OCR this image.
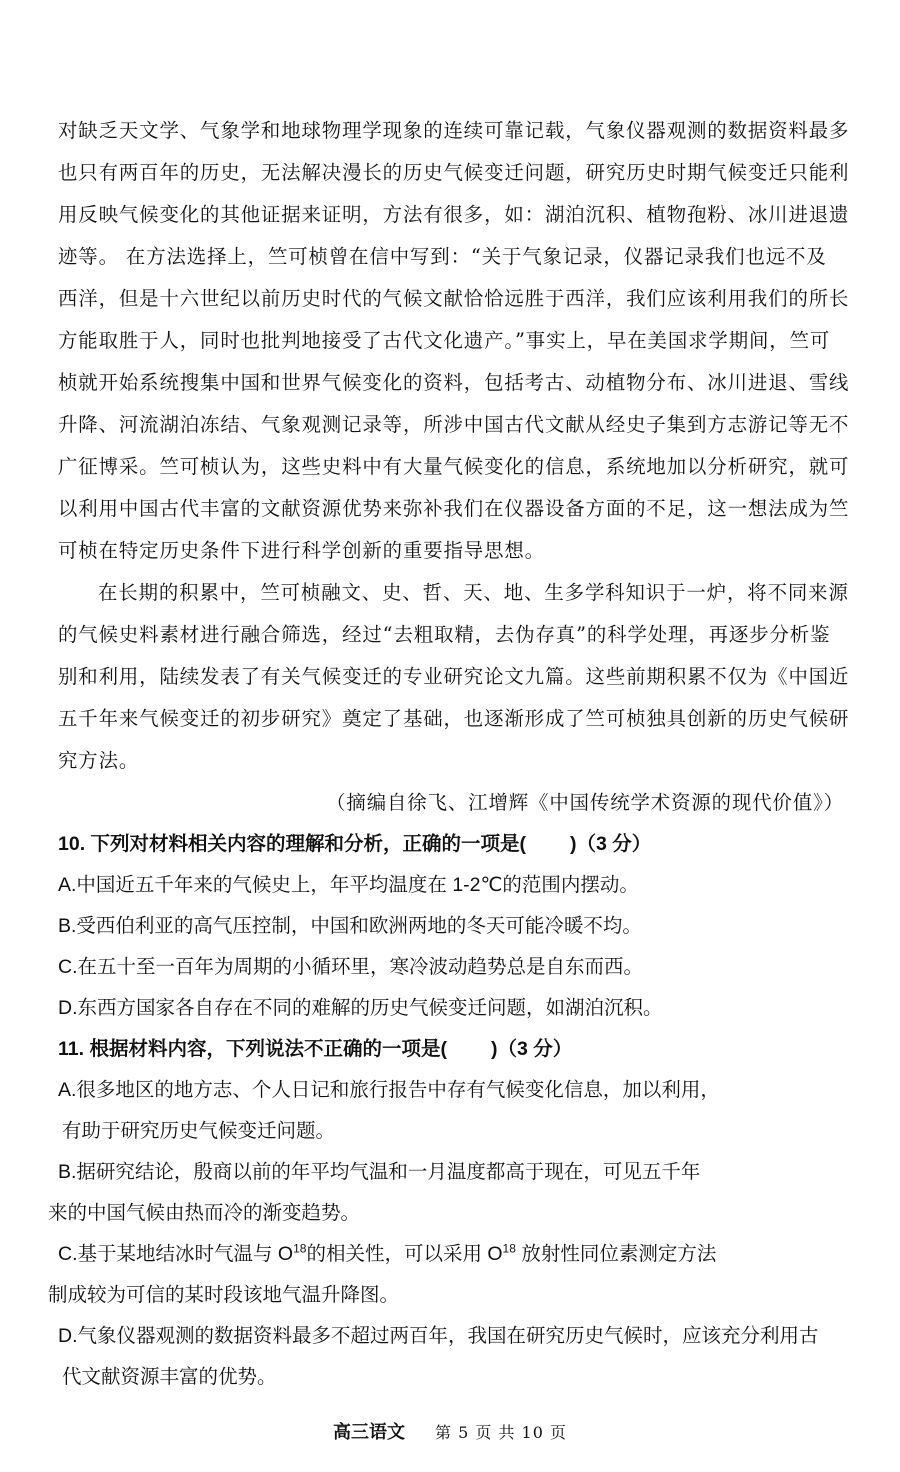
对缺乏天文学、气象学和地球物理学现象的连续可靠记载，气象仪器观测的数据资料最多

也只有两百年的历史，无法解决漫长的历史气候变迁问题，研究历史时期气候变迁只能利

用反映气候变化的其他证据来证明，方法有很多，如：湖泊沉积、植物孢粉、冰川进退遗

迹等。 在方法选择上，竺可桢曾在信中写到：“关于气象记录，仪器记录我们也远不及

西洋，但是十六世纪以前历史时代的气候文献恰恰远胜于西洋，我们应该利用我们的所长

方能取胜于人，同时也批判地接受了古代文化遗产。”事实上，早在美国求学期间，竺可

桢就开始系统搜集中国和世界气候变化的资料，包括考古、动植物分布、冰川进退、雪线

升降、河流湖泊冻结、气象观测记录等，所涉中国古代文献从经史子集到方志游记等无不

广征博采。竺可桢认为，这些史料中有大量气候变化的信息，系统地加以分析研究，就可

以利用中国古代丰富的文献资源优势来弥补我们在仪器设备方面的不足，这一想法成为竺

可桢在特定历史条件下进行科学创新的重要指导思想。

在长期的积累中，竺可桢融文、史、哲、天、地、生多学科知识于一炉，将不同来源

的气候史料素材进行融合筛选，经过“去粗取精，去伪存真”的科学处理，再逐步分析鉴

别和利用，陆续发表了有关气候变迁的专业研究论文九篇。这些前期积累不仅为《中国近

五千年来气候变迁的初步研究》奠定了基础，也逐渐形成了竺可桢独具创新的历史气候研

究方法。

（摘编自徐飞、江增辉《中国传统学术资源的现代价值》）

10. 下列对材料相关内容的理解和分析，正确的一项是( )（3 分）

A.中国近五千年来的气候史上，年平均温度在 1-2℃的范围内摆动。

B.受西伯利亚的高气压控制，中国和欧洲两地的冬天可能冷暖不均。

C.在五十至一百年为周期的小循环里，寒冷波动趋势总是自东而西。

D.东西方国家各自存在不同的难解的历史气候变迁问题，如湖泊沉积。

11. 根据材料内容，下列说法不正确的一项是( )（3 分）

A.很多地区的地方志、个人日记和旅行报告中存有气候变化信息，加以利用，

有助于研究历史气候变迁问题。

B.据研究结论，殷商以前的年平均气温和一月温度都高于现在，可见五千年

来的中国气候由热而冷的渐变趋势。

C.基于某地结冰时气温与 $O^{18}$的相关性，可以采用 $O^{18}$ 放射性同位素测定方法

制成较为可信的某时段该地气温升降图。

D.气象仪器观测的数据资料最多不超过两百年，我国在研究历史气候时，应该充分利用古

代文献资源丰富的优势。

高三语文 第 5 页 共 10 页
